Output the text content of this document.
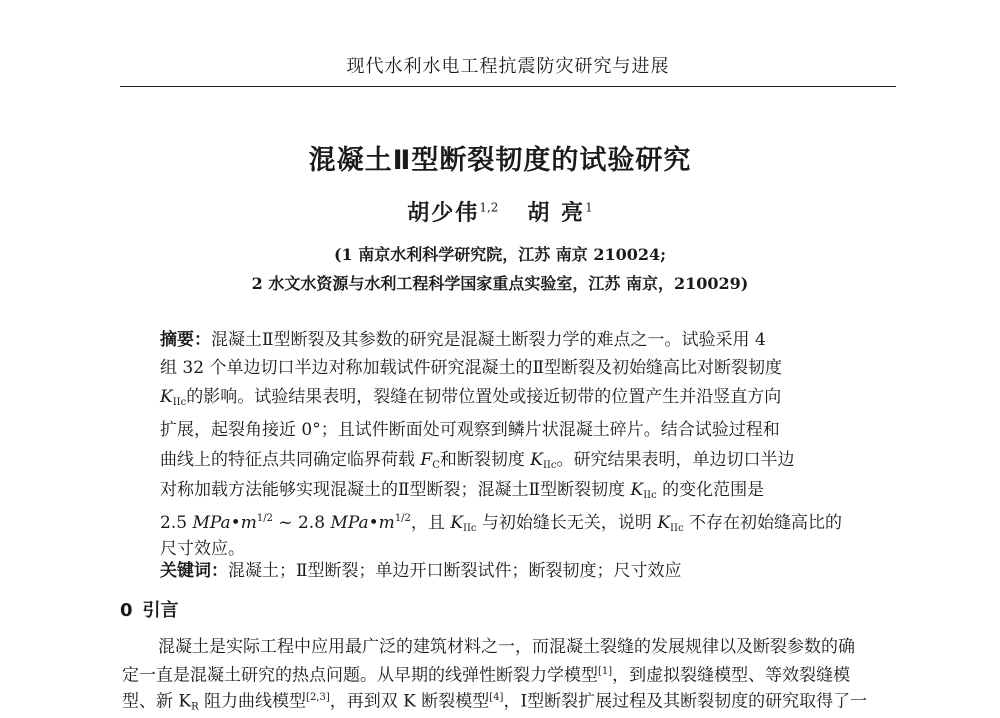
现代水利水电工程抗震防灾研究与进展
混凝土Ⅱ型断裂韧度的试验研究
胡少伟$^{1,2}$ 胡 亮$^1$
(1 南京水利科学研究院，江苏 南京 210024;
2 水文水资源与水利工程科学国家重点实验室，江苏 南京，210029)
摘要：混凝土Ⅱ型断裂及其参数的研究是混凝土断裂力学的难点之一。试验采用 4
组 32 个单边切口半边对称加载试件研究混凝土的Ⅱ型断裂及初始缝高比对断裂韧度
$K_{IIc}$的影响。试验结果表明，裂缝在韧带位置处或接近韧带的位置产生并沿竖直方向
扩展，起裂角接近 0°；且试件断面处可观察到鳞片状混凝土碎片。结合试验过程和
曲线上的特征点共同确定临界荷载 $F_C$和断裂韧度 $K_{IIc}$。研究结果表明，单边切口半边
对称加载方法能够实现混凝土的Ⅱ型断裂；混凝土Ⅱ型断裂韧度 $K_{IIc}$ 的变化范围是
2.5 $MPa•m^{1/2}$ ~ 2.8 $MPa•m^{1/2}$，且 $K_{IIc}$ 与初始缝长无关，说明 $K_{IIc}$ 不存在初始缝高比的
尺寸效应。
关键词：混凝土；Ⅱ型断裂；单边开口断裂试件；断裂韧度；尺寸效应
0 引言
混凝土是实际工程中应用最广泛的建筑材料之一，而混凝土裂缝的发展规律以及断裂参数的确
定一直是混凝土研究的热点问题。从早期的线弹性断裂力学模型[1]，到虚拟裂缝模型、等效裂缝模
型、新 $K_R$ 阻力曲线模型[2,3]，再到双 K 断裂模型[4]，Ⅰ型断裂扩展过程及其断裂韧度的研究取得了一
